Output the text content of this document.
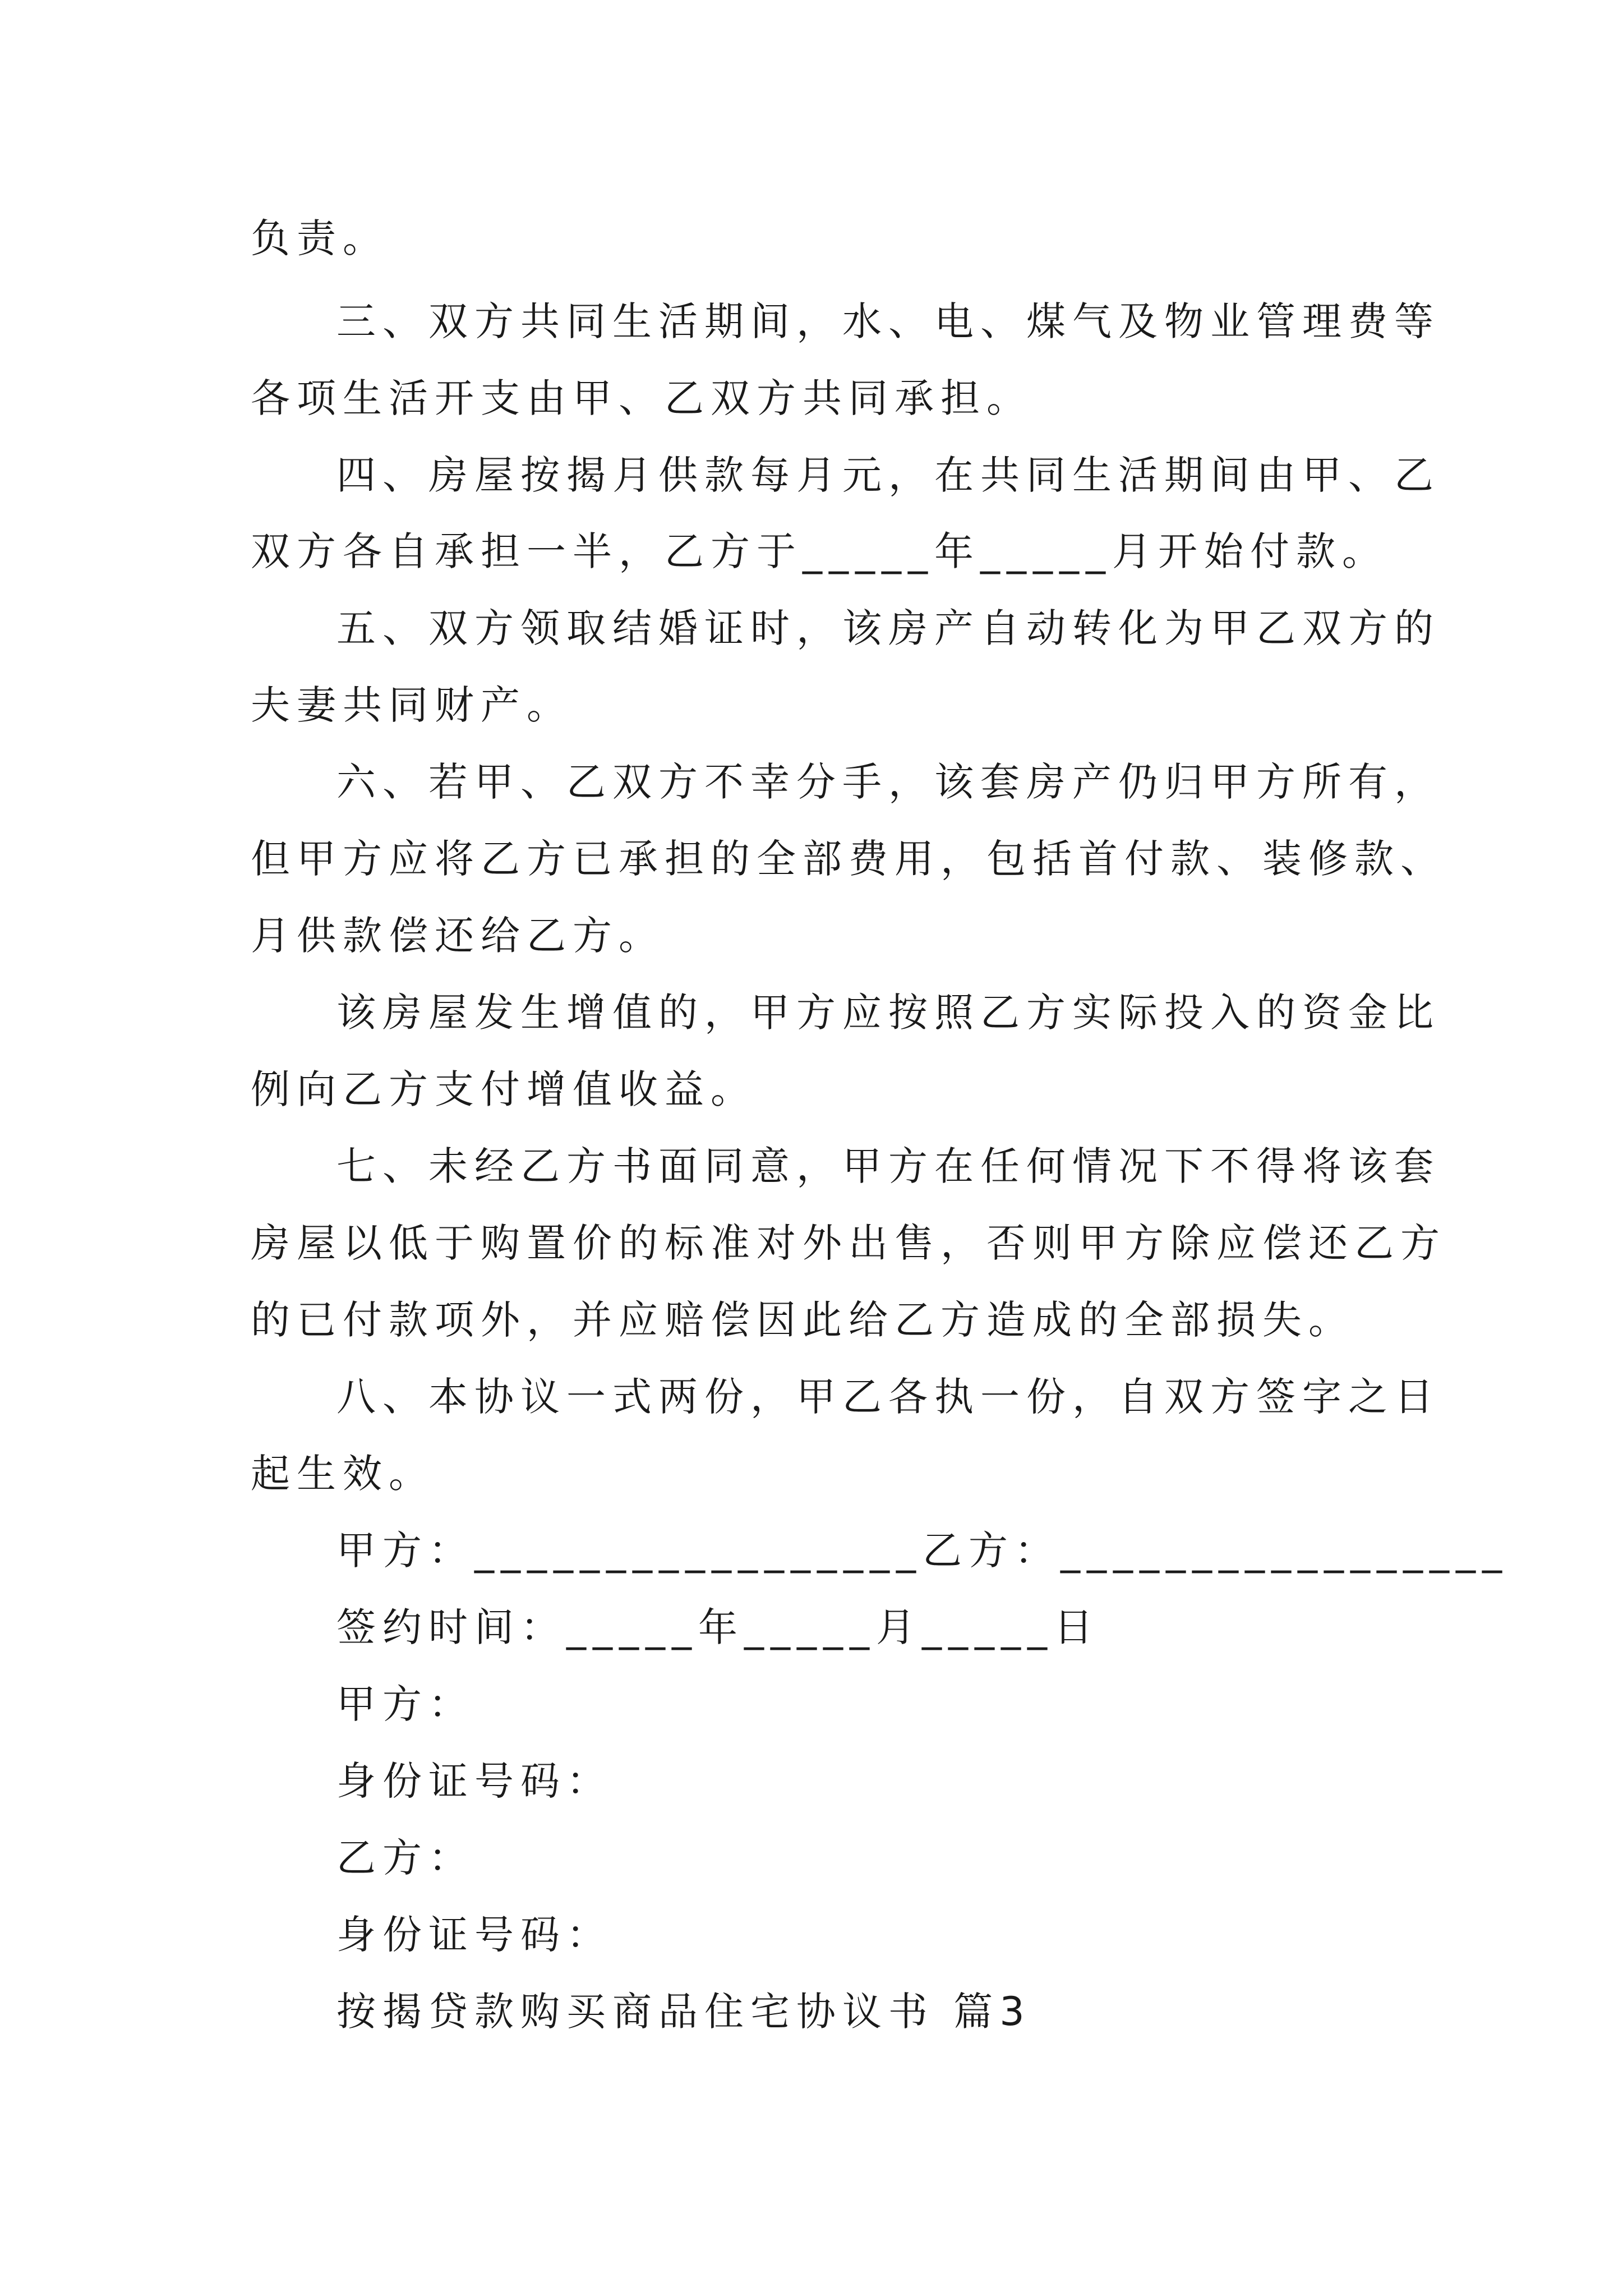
负责。
三、双方共同生活期间，水、电、煤气及物业管理费等
各项生活开支由甲、乙双方共同承担。
四、房屋按揭月供款每月元，在共同生活期间由甲、乙
双方各自承担一半，乙方于_____年_____月开始付款。
五、双方领取结婚证时，该房产自动转化为甲乙双方的
夫妻共同财产。
六、若甲、乙双方不幸分手，该套房产仍归甲方所有，
但甲方应将乙方已承担的全部费用，包括首付款、装修款、
月供款偿还给乙方。
该房屋发生增值的，甲方应按照乙方实际投入的资金比
例向乙方支付增值收益。
七、未经乙方书面同意，甲方在任何情况下不得将该套
房屋以低于购置价的标准对外出售，否则甲方除应偿还乙方
的已付款项外，并应赔偿因此给乙方造成的全部损失。
八、本协议一式两份，甲乙各执一份，自双方签字之日
起生效。
甲方：_________________乙方：_________________
签约时间：_____年_____月_____日
甲方：
身份证号码：
乙方：
身份证号码：
按揭贷款购买商品住宅协议书 篇3
